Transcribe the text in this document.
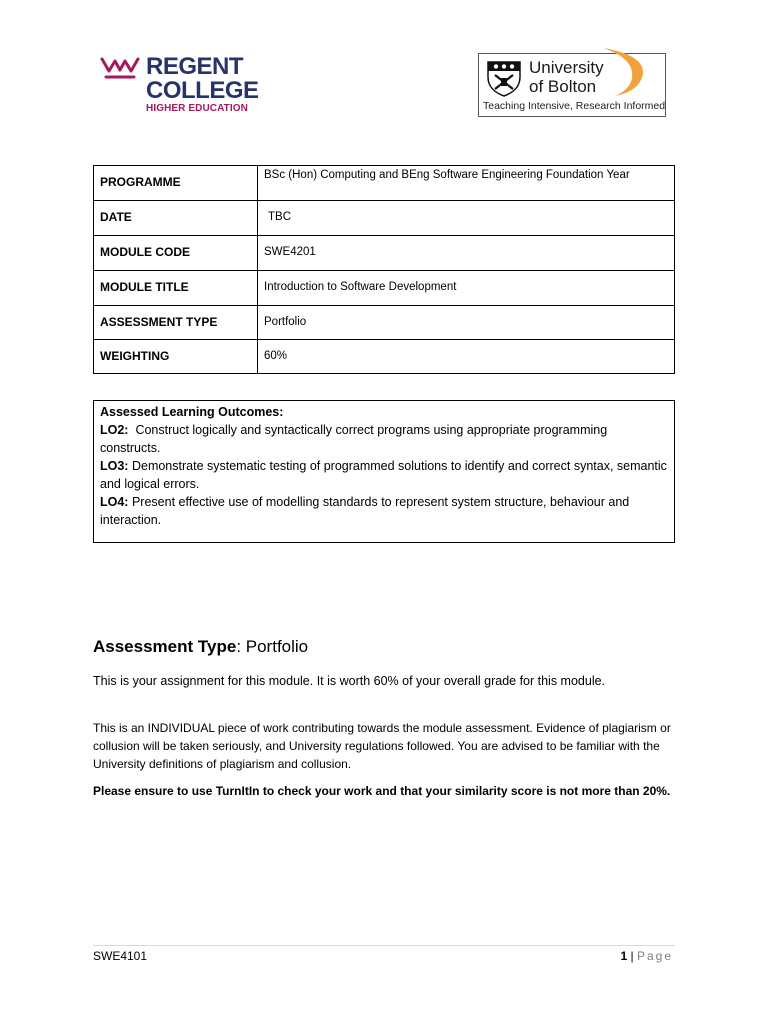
REGENT
COLLEGE
HIGHER EDUCATION
University
of Bolton
Teaching Intensive, Research Informed
PROGRAMME	BSc (Hon) Computing and BEng Software Engineering Foundation Year
DATE	TBC
MODULE CODE	SWE4201
MODULE TITLE	Introduction to Software Development
ASSESSMENT TYPE	Portfolio
WEIGHTING	60%

Assessed Learning Outcomes:

LO2: Construct logically and syntactically correct programs using appropriate programming constructs.

LO3: Demonstrate systematic testing of programmed solutions to identify and correct syntax, semantic and logical errors.

LO4: Present effective use of modelling standards to represent system structure, behaviour and interaction.

Assessment Type: Portfolio
This is your assignment for this module. It is worth 60% of your overall grade for this module.
This is an INDIVIDUAL piece of work contributing towards the module assessment. Evidence of plagiarism or collusion will be taken seriously, and University regulations followed. You are advised to be familiar with the University definitions of plagiarism and collusion.
Please ensure to use TurnItIn to check your work and that your similarity score is not more than 20%.
SWE4101	1 | Page
